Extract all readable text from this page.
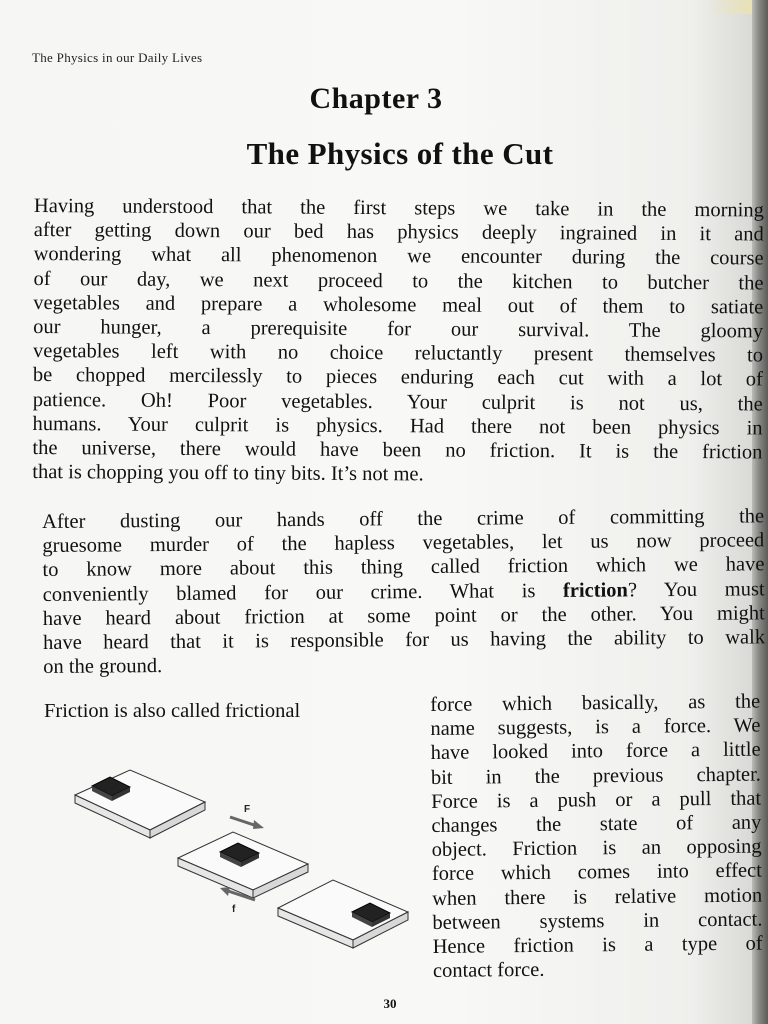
The Physics in our Daily Lives
Chapter 3
The Physics of the Cut
Having understood that the first steps we take in the morning
after getting down our bed has physics deeply ingrained in it and
wondering what all phenomenon we encounter during the course
of our day, we next proceed to the kitchen to butcher the
vegetables and prepare a wholesome meal out of them to satiate
our hunger, a prerequisite for our survival. The gloomy
vegetables left with no choice reluctantly present themselves to
be chopped mercilessly to pieces enduring each cut with a lot of
patience. Oh! Poor vegetables. Your culprit is not us, the
humans. Your culprit is physics. Had there not been physics in
the universe, there would have been no friction. It is the friction
that is chopping you off to tiny bits. It’s not me.
After dusting our hands off the crime of committing the
gruesome murder of the hapless vegetables, let us now proceed
to know more about this thing called friction which we have
conveniently blamed for our crime. What is friction? You must
have heard about friction at some point or the other. You might
have heard that it is responsible for us having the ability to walk
on the ground.
Friction is also called frictional	force which basically, as the
name suggests, is a force. We
have looked into force a little
bit in the previous chapter.
Force is a push or a pull that
changes the state of any
object. Friction is an opposing
force which comes into effect
when there is relative motion
between systems in contact.
Hence friction is a type of
contact force.
F
f
30
